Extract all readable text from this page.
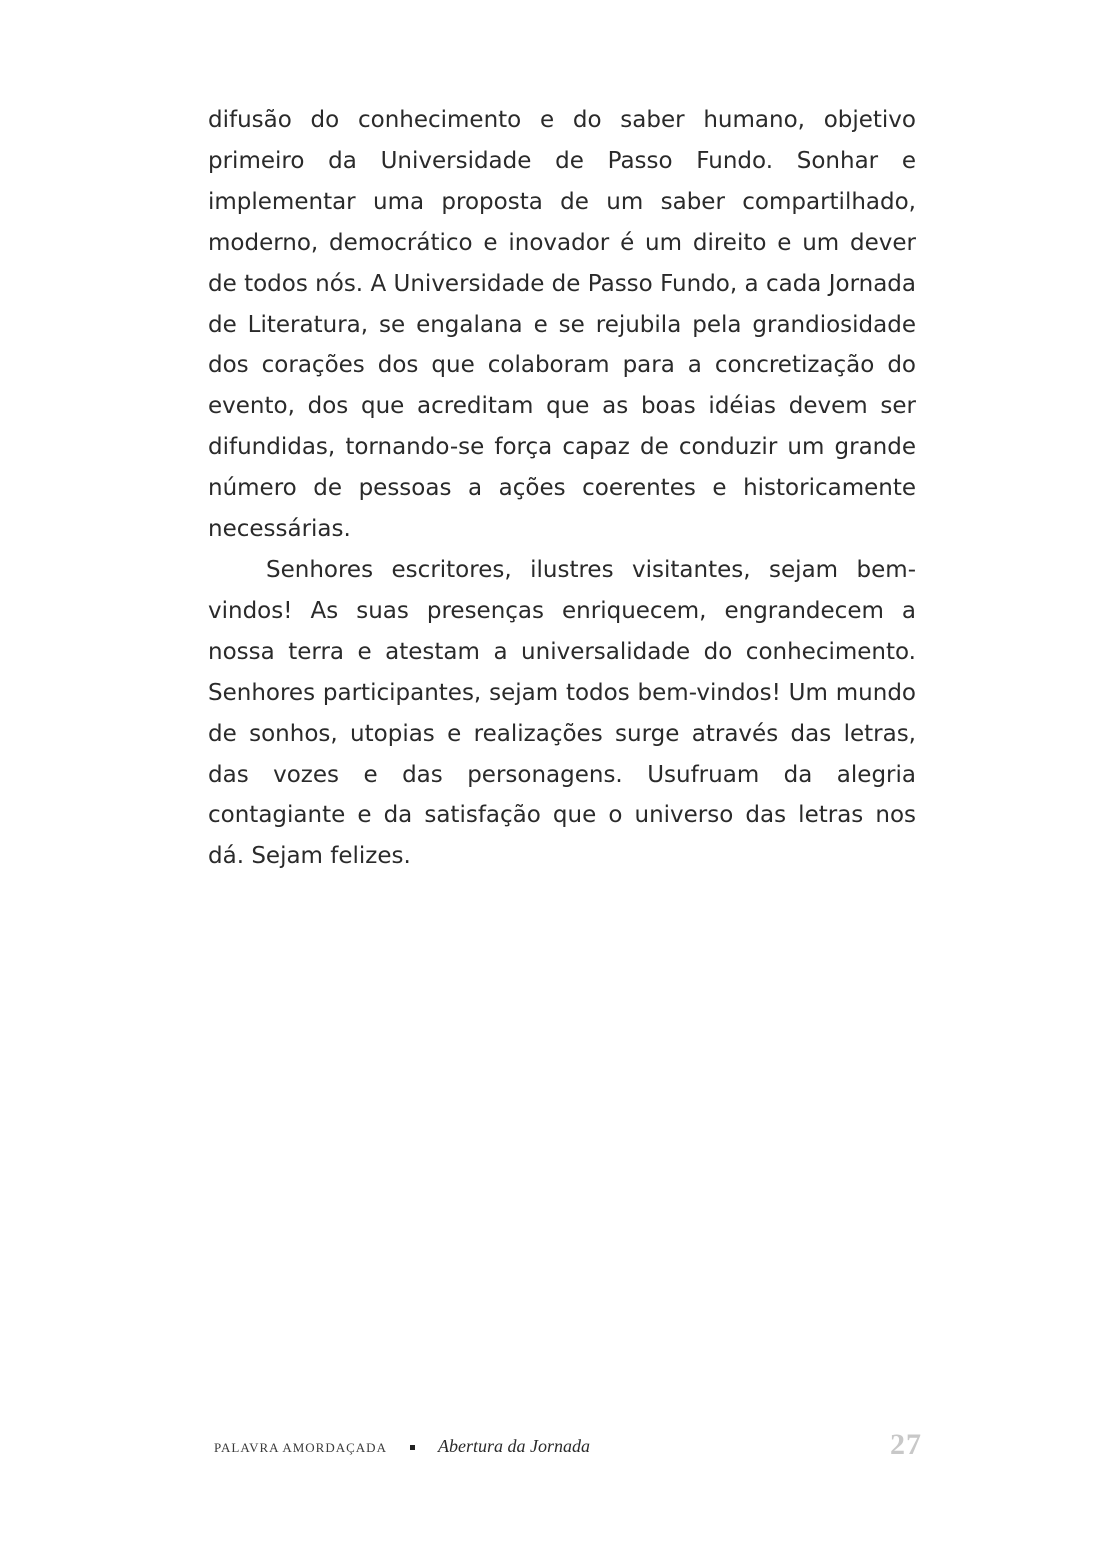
difusão do conhecimento e do saber humano, objetivo primeiro da Universidade de Passo Fundo. Sonhar e implementar uma proposta de um saber compartilhado, moderno, democrático e inovador é um direito e um dever de todos nós. A Universidade de Passo Fundo, a cada Jornada de Literatura, se engalana e se rejubila pela grandiosidade dos corações dos que colaboram para a concretização do evento, dos que acreditam que as boas idéias devem ser difundidas, tornando-se força capaz de conduzir um grande número de pessoas a ações coerentes e historicamente necessárias.

Senhores escritores, ilustres visitantes, sejam bem-vindos! As suas presenças enriquecem, engrandecem a nossa terra e atestam a universalidade do conhecimento. Senhores participantes, sejam todos bem-vindos! Um mundo de sonhos, utopias e realizações surge através das letras, das vozes e das personagens. Usufruam da alegria contagiante e da satisfação que o universo das letras nos dá. Sejam felizes.

PALAVRA AMORDAÇADA	Abertura da Jornada	27
